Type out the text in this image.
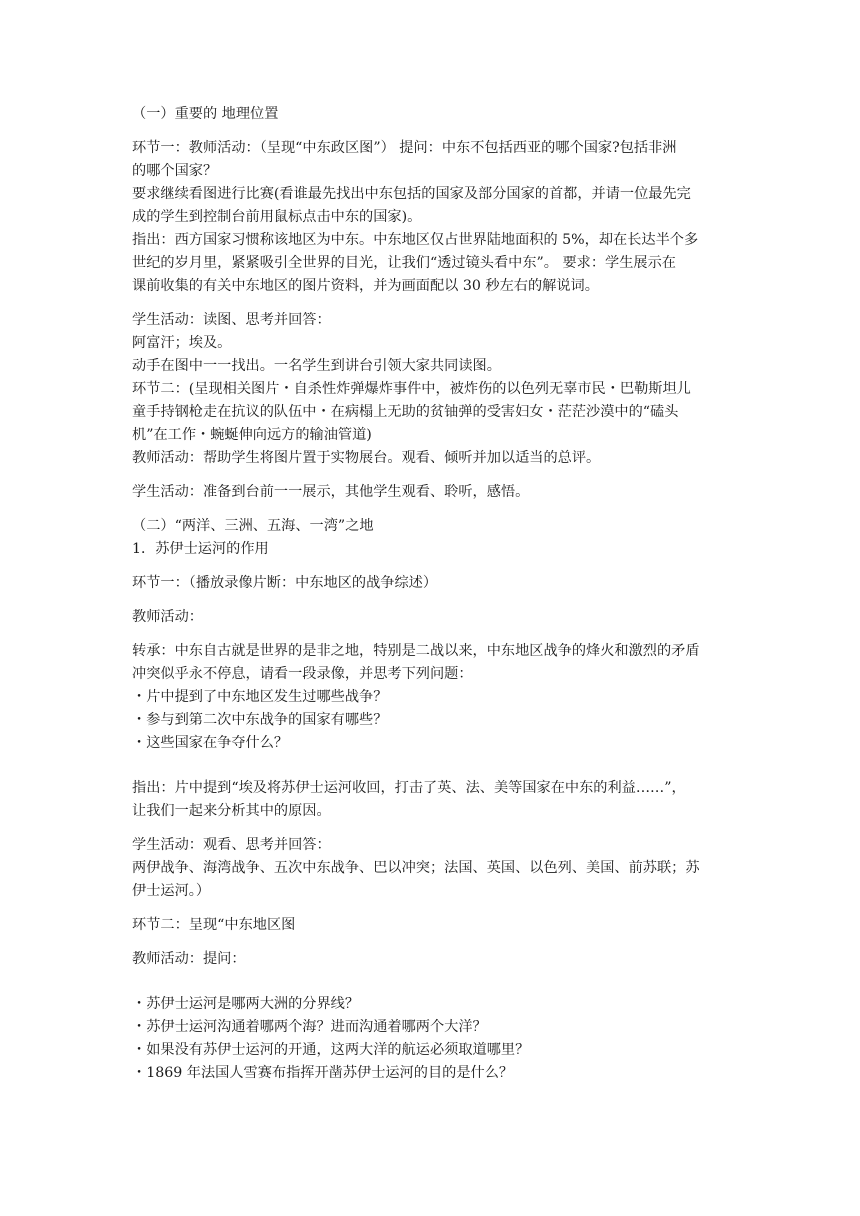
（一）重要的 地理位置
环节一：教师活动：（呈现“中东政区图”） 提问：中东不包括西亚的哪个国家?包括非洲
的哪个国家？
要求继续看图进行比赛(看谁最先找出中东包括的国家及部分国家的首都，并请一位最先完
成的学生到控制台前用鼠标点击中东的国家)。
指出：西方国家习惯称该地区为中东。中东地区仅占世界陆地面积的 5%，却在长达半个多
世纪的岁月里，紧紧吸引全世界的目光，让我们“透过镜头看中东”。 要求：学生展示在
课前收集的有关中东地区的图片资料，并为画面配以 30 秒左右的解说词。
学生活动：读图、思考并回答：
阿富汗；埃及。
动手在图中一一找出。一名学生到讲台引领大家共同读图。
环节二：(呈现相关图片・自杀性炸弹爆炸事件中，被炸伤的以色列无辜市民・巴勒斯坦儿
童手持钢枪走在抗议的队伍中・在病榻上无助的贫铀弹的受害妇女・茫茫沙漠中的“磕头
机”在工作・蜿蜒伸向远方的输油管道)
教师活动：帮助学生将图片置于实物展台。观看、倾听并加以适当的总评。
学生活动：准备到台前一一展示，其他学生观看、聆听，感悟。
（二）“两洋、三洲、五海、一湾”之地
1．苏伊士运河的作用
环节一：（播放录像片断：中东地区的战争综述）
教师活动：
转承：中东自古就是世界的是非之地，特别是二战以来，中东地区战争的烽火和激烈的矛盾
冲突似乎永不停息，请看一段录像，并思考下列问题：
・片中提到了中东地区发生过哪些战争？
・参与到第二次中东战争的国家有哪些？
・这些国家在争夺什么？
指出：片中提到“埃及将苏伊士运河收回，打击了英、法、美等国家在中东的利益……”，
让我们一起来分析其中的原因。
学生活动：观看、思考并回答：
两伊战争、海湾战争、五次中东战争、巴以冲突；法国、英国、以色列、美国、前苏联；苏
伊士运河。）
环节二：呈现“中东地区图
教师活动：提问：
・苏伊士运河是哪两大洲的分界线？
・苏伊士运河沟通着哪两个海？进而沟通着哪两个大洋？
・如果没有苏伊士运河的开通，这两大洋的航运必须取道哪里？
・1869 年法国人雪赛布指挥开凿苏伊士运河的目的是什么？
